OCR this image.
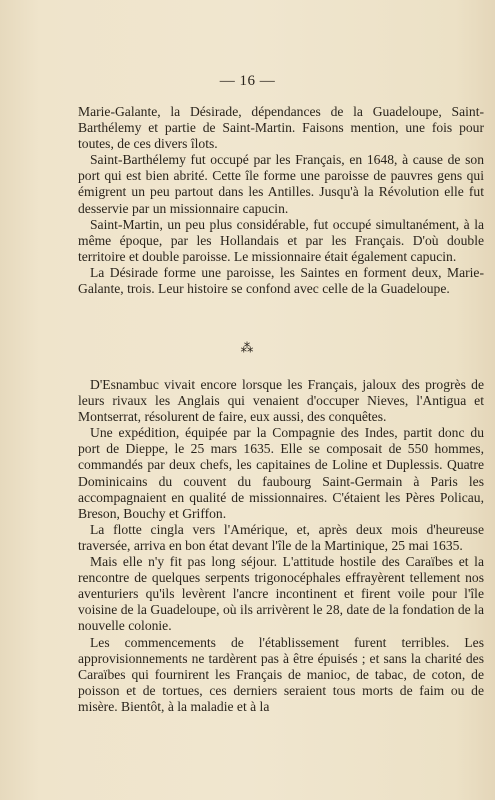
— 16 —

Marie-Galante, la Désirade, dépendances de la Guadeloupe, Saint-Barthélemy et partie de Saint-Martin. Faisons mention, une fois pour toutes, de ces divers îlots.

Saint-Barthélemy fut occupé par les Français, en 1648, à cause de son port qui est bien abrité. Cette île forme une paroisse de pauvres gens qui émigrent un peu partout dans les Antilles. Jusqu'à la Révolution elle fut desservie par un missionnaire capucin.

Saint-Martin, un peu plus considérable, fut occupé simultanément, à la même époque, par les Hollandais et par les Français. D'où double territoire et double paroisse. Le missionnaire était également capucin.

La Désirade forme une paroisse, les Saintes en forment deux, Marie-Galante, trois. Leur histoire se confond avec celle de la Guadeloupe.

⁂

D'Esnambuc vivait encore lorsque les Français, jaloux des progrès de leurs rivaux les Anglais qui venaient d'occuper Nieves, l'Antigua et Montserrat, résolurent de faire, eux aussi, des conquêtes.

Une expédition, équipée par la Compagnie des Indes, partit donc du port de Dieppe, le 25 mars 1635. Elle se composait de 550 hommes, commandés par deux chefs, les capitaines de Loline et Duplessis. Quatre Dominicains du couvent du faubourg Saint-Germain à Paris les accompagnaient en qualité de missionnaires. C'étaient les Pères Policau, Breson, Bouchy et Griffon.

La flotte cingla vers l'Amérique, et, après deux mois d'heureuse traversée, arriva en bon état devant l'île de la Martinique, 25 mai 1635.

Mais elle n'y fit pas long séjour. L'attitude hostile des Caraïbes et la rencontre de quelques serpents trigonocéphales effrayèrent tellement nos aventuriers qu'ils levèrent l'ancre incontinent et firent voile pour l'île voisine de la Guadeloupe, où ils arrivèrent le 28, date de la fondation de la nouvelle colonie.

Les commencements de l'établissement furent terribles. Les approvisionnements ne tardèrent pas à être épuisés ; et sans la charité des Caraïbes qui fournirent les Français de manioc, de tabac, de coton, de poisson et de tortues, ces derniers seraient tous morts de faim ou de misère. Bientôt, à la maladie et à la
